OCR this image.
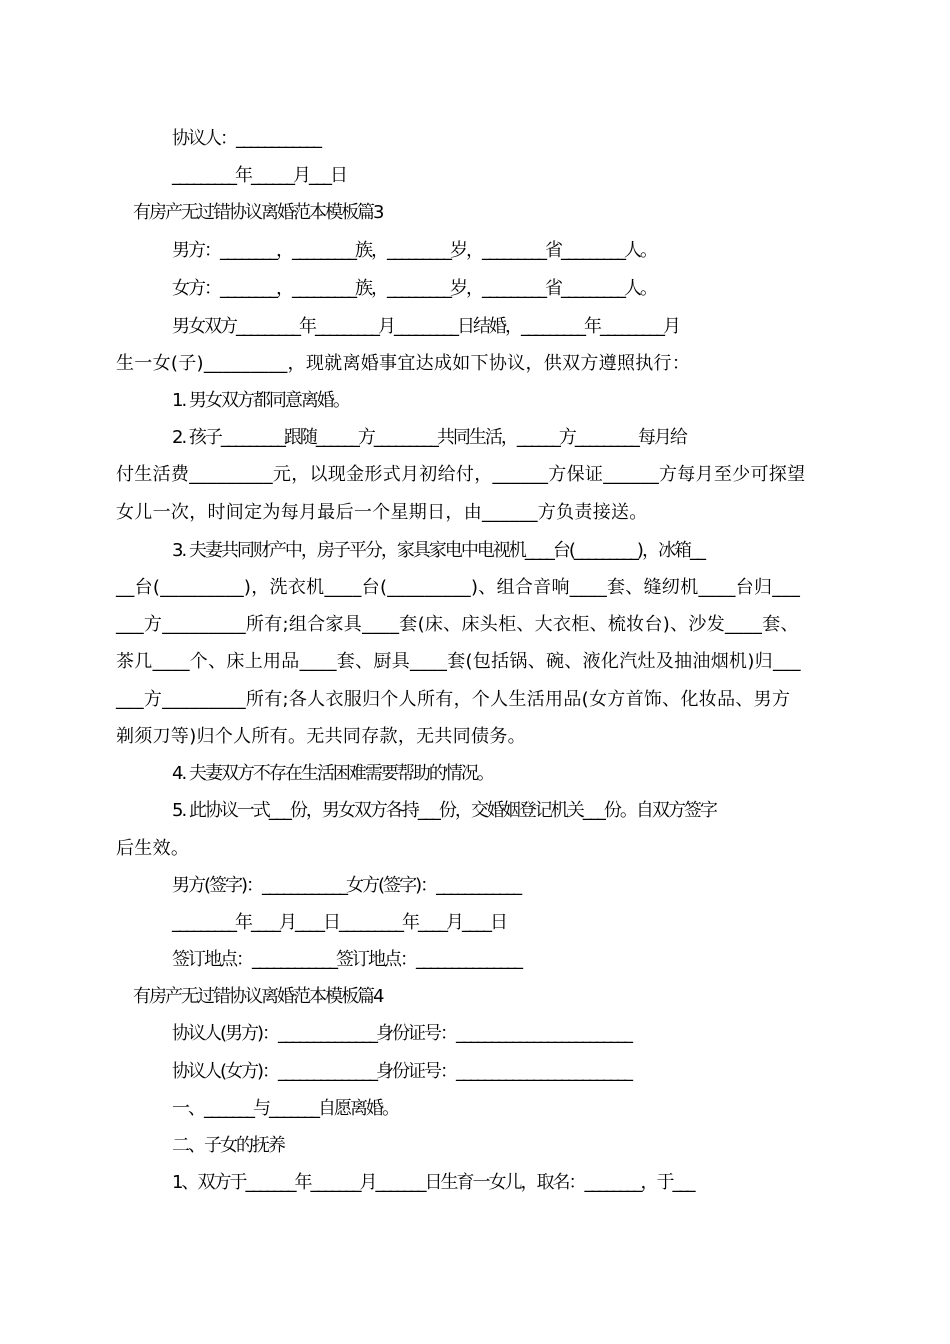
协议人：____________
_________年______月___日
有房产无过错协议离婚范本模板篇3
男方：________，_________族，_________岁，_________省_________人。
女方：________，_________族，_________岁，_________省_________人。
男女双方_________年_________月_________日结婚，_________年_________月
生一女(子)_________，现就离婚事宜达成如下协议，供双方遵照执行：
1. 男女双方都同意离婚。
2. 孩子_________跟随______方_________共同生活，______方_________每月给
付生活费_________元，以现金形式月初给付，______方保证______方每月至少可探望
女儿一次，时间定为每月最后一个星期日，由______方负责接送。
3. 夫妻共同财产中，房子平分，家具家电中电视机____台(_________)，冰箱__
__台(_________)，洗衣机____台(_________)、组合音响____套、缝纫机____台归___
___方_________所有;组合家具____套(床、床头柜、大衣柜、梳妆台)、沙发____套、
茶几____个、床上用品____套、厨具____套(包括锅、碗、液化汽灶及抽油烟机)归___
___方_________所有;各人衣服归个人所有，个人生活用品(女方首饰、化妆品、男方
剃须刀等)归个人所有。无共同存款，无共同债务。
4. 夫妻双方不存在生活困难需要帮助的情况。
5. 此协议一式___份，男女双方各持___份，交婚姻登记机关___份。自双方签字
后生效。
男方(签字)：____________女方(签字)：____________
_________年____月____日_________年____月____日
签订地点：____________签订地点：_______________
有房产无过错协议离婚范本模板篇4
协议人(男方)：______________身份证号：_________________________
协议人(女方)：______________身份证号：_________________________
一、_______与_______自愿离婚。
二、子女的抚养
1、双方于_______年_______月_______日生育一女儿，取名：________，于___
